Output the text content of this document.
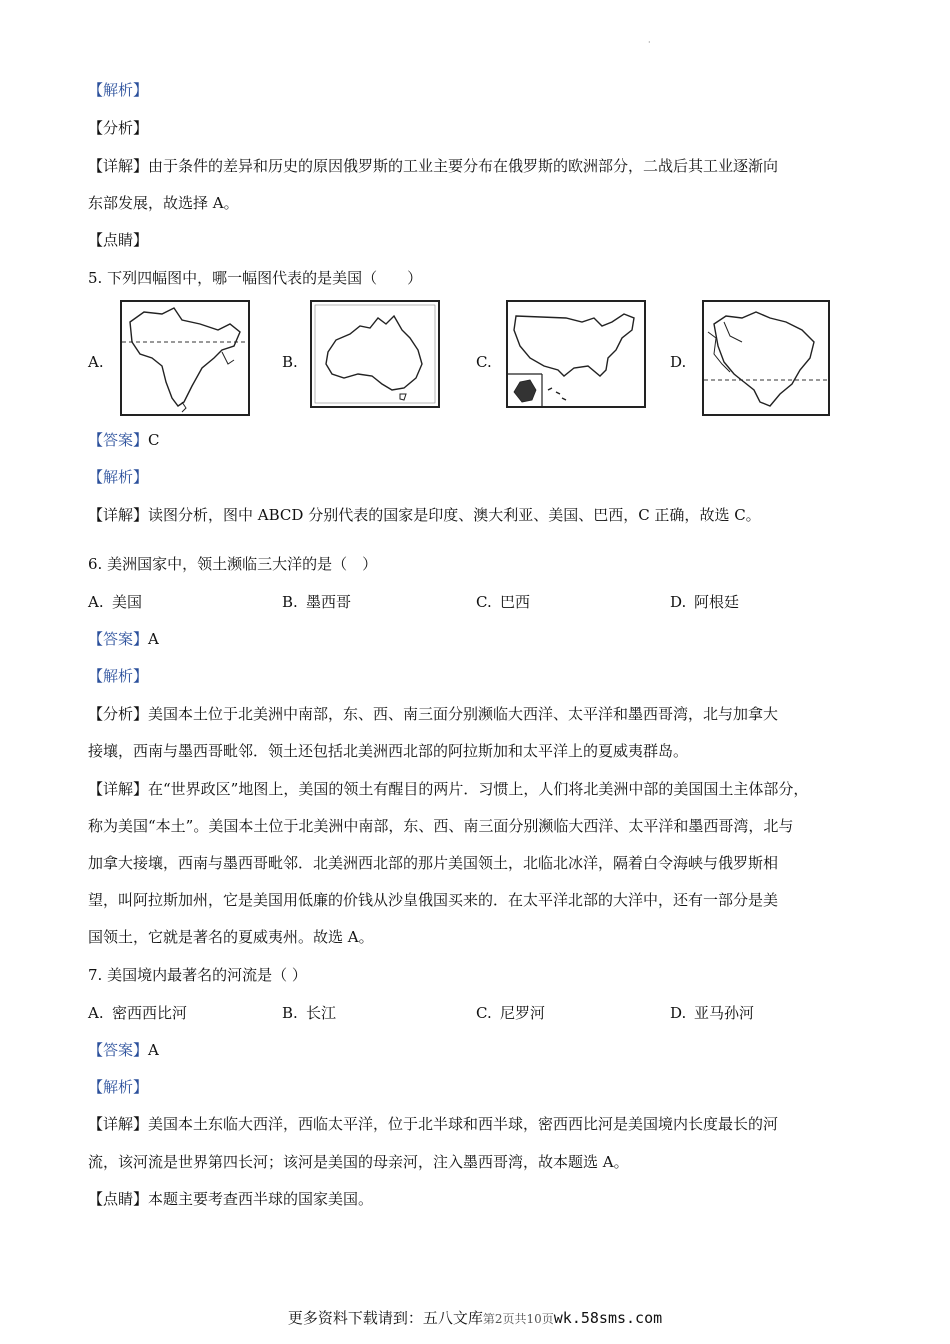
·
【解析】
【分析】
【详解】由于条件的差异和历史的原因俄罗斯的工业主要分布在俄罗斯的欧洲部分，二战后其工业逐渐向
东部发展，故选择 A。
【点睛】
5. 下列四幅图中，哪一幅图代表的是美国（　　）
A.	B.	C.	D.
【答案】C
【解析】
【详解】读图分析，图中 ABCD 分别代表的国家是印度、澳大利亚、美国、巴西，C 正确，故选 C。
6. 美洲国家中，领土濒临三大洋的是（　）
A. 美国	B. 墨西哥	C. 巴西	D. 阿根廷
【答案】A
【解析】
【分析】美国本土位于北美洲中南部，东、西、南三面分别濒临大西洋、太平洋和墨西哥湾，北与加拿大
接壤，西南与墨西哥毗邻．领土还包括北美洲西北部的阿拉斯加和太平洋上的夏威夷群岛。
【详解】在“世界政区”地图上，美国的领土有醒目的两片．习惯上，人们将北美洲中部的美国国土主体部分，
称为美国“本土”。美国本土位于北美洲中南部，东、西、南三面分别濒临大西洋、太平洋和墨西哥湾，北与
加拿大接壤，西南与墨西哥毗邻．北美洲西北部的那片美国领土，北临北冰洋，隔着白令海峡与俄罗斯相
望，叫阿拉斯加州，它是美国用低廉的价钱从沙皇俄国买来的．在太平洋北部的大洋中，还有一部分是美
国领土，它就是著名的夏威夷州。故选 A。
7. 美国境内最著名的河流是（ ）
A. 密西西比河	B. 长江	C. 尼罗河	D. 亚马孙河
【答案】A
【解析】
【详解】美国本土东临大西洋，西临太平洋，位于北半球和西半球，密西西比河是美国境内长度最长的河
流，该河流是世界第四长河；该河是美国的母亲河，注入墨西哥湾，故本题选 A。
【点睛】本题主要考查西半球的国家美国。
更多资料下载请到：五八文库第2页共10页wk.58sms.com
